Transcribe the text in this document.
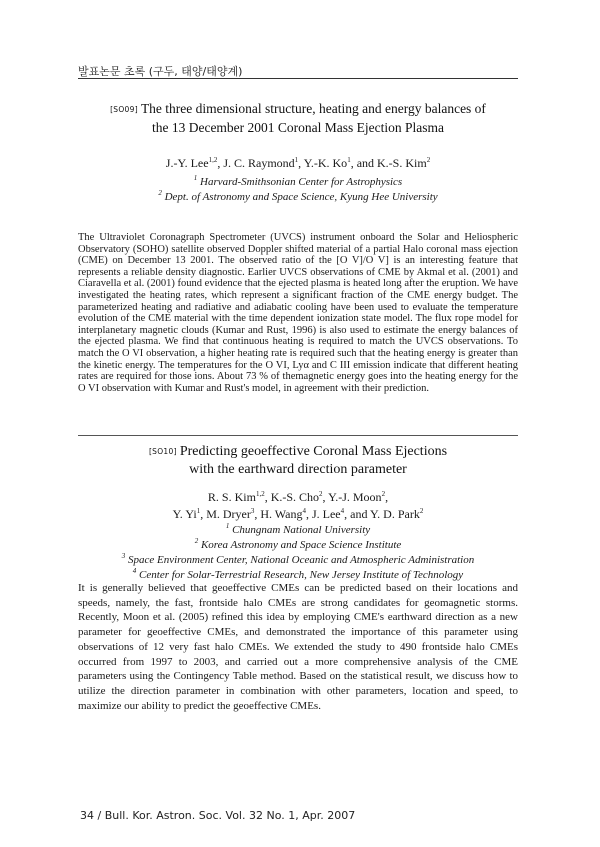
발표논문 초록 (구두, 태양/태양계)
[SO09] The three dimensional structure, heating and energy balances of
the 13 December 2001 Coronal Mass Ejection Plasma
J.-Y. Lee$^{1,2}$, J. C. Raymond$^1$, Y.-K. Ko$^1$, and K.-S. Kim$^2$
$^1$ Harvard-Smithsonian Center for Astrophysics
$^2$ Dept. of Astronomy and Space Science, Kyung Hee University

The Ultraviolet Coronagraph Spectrometer (UVCS) instrument onboard the Solar and Heliospheric Observatory (SOHO) satellite observed Doppler shifted material of a partial Halo coronal mass ejection (CME) on December 13 2001. The observed ratio of the [O V]/O V] is an interesting feature that represents a reliable density diagnostic. Earlier UVCS observations of CME by Akmal et al. (2001) and Ciaravella et al. (2001) found evidence that the ejected plasma is heated long after the eruption. We have investigated the heating rates, which represent a significant fraction of the CME energy budget. The parameterized heating and radiative and adiabatic cooling have been used to evaluate the temperature evolution of the CME material with the time dependent ionization state model. The flux rope model for interplanetary magnetic clouds (Kumar and Rust, 1996) is also used to estimate the energy balances of the ejected plasma. We find that continuous heating is required to match the UVCS observations. To match the O VI observation, a higher heating rate is required such that the heating energy is greater than the kinetic energy. The temperatures for the O VI, Lyα and C III emission indicate that different heating rates are required for those ions. About 73 % of themagnetic energy goes into the heating energy for the O VI observation with Kumar and Rust's model, in agreement with their prediction.

[SO10] Predicting geoeffective Coronal Mass Ejections
with the earthward direction parameter
R. S. Kim$^{1,2}$, K.-S. Cho$^2$, Y.-J. Moon$^2$,
Y. Yi$^1$, M. Dryer$^3$, H. Wang$^4$, J. Lee$^4$, and Y. D. Park$^2$
$^1$ Chungnam National University
$^2$ Korea Astronomy and Space Science Institute
$^3$ Space Environment Center, National Oceanic and Atmospheric Administration
$^4$ Center for Solar-Terrestrial Research, New Jersey Institute of Technology

It is generally believed that geoeffective CMEs can be predicted based on their locations and speeds, namely, the fast, frontside halo CMEs are strong candidates for geomagnetic storms. Recently, Moon et al. (2005) refined this idea by employing CME's earthward direction as a new parameter for geoeffective CMEs, and demonstrated the importance of this parameter using observations of 12 very fast halo CMEs. We extended the study to 490 frontside halo CMEs occurred from 1997 to 2003, and carried out a more comprehensive analysis of the CME parameters using the Contingency Table method. Based on the statistical result, we discuss how to utilize the direction parameter in combination with other parameters, location and speed, to maximize our ability to predict the geoeffective CMEs.

34 / Bull. Kor. Astron. Soc. Vol. 32 No. 1, Apr. 2007
